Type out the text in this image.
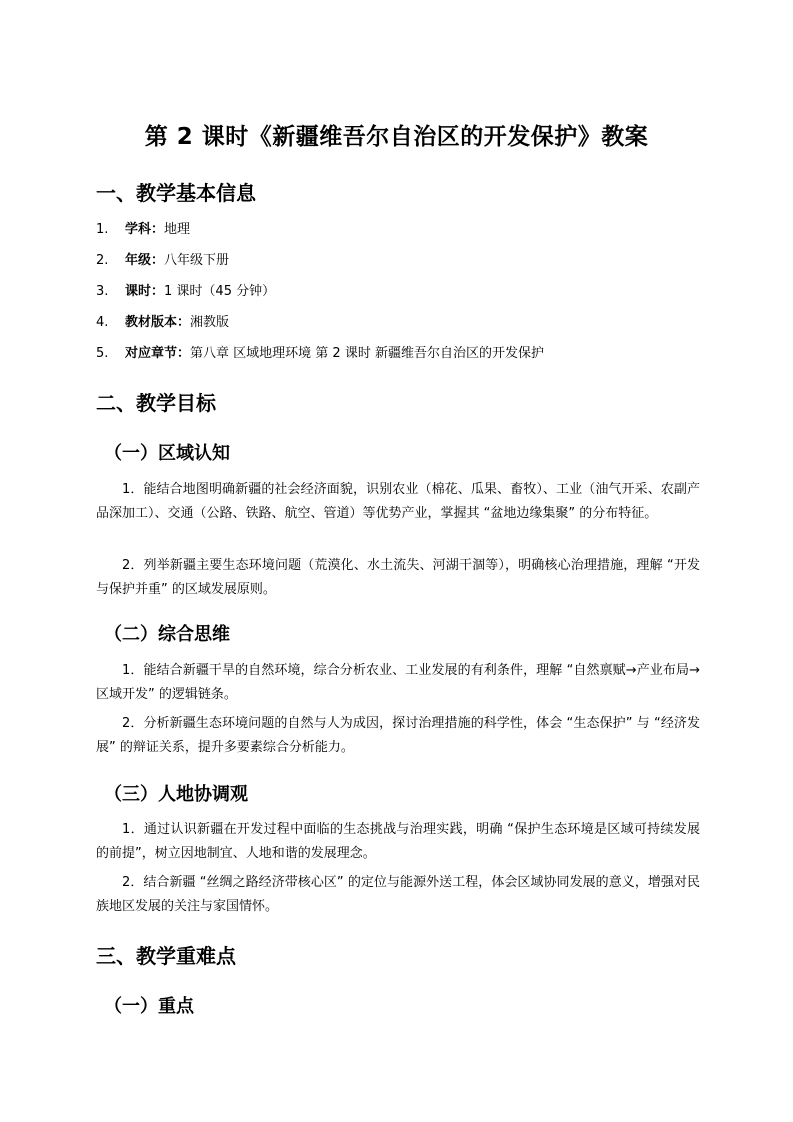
第 2 课时《新疆维吾尔自治区的开发保护》教案
一、教学基本信息
1. 学科：地理
2. 年级：八年级下册
3. 课时：1 课时（45 分钟）
4. 教材版本：湘教版
5. 对应章节：第八章 区域地理环境 第 2 课时 新疆维吾尔自治区的开发保护
二、教学目标
（一）区域认知
1．能结合地图明确新疆的社会经济面貌，识别农业（棉花、瓜果、畜牧）、工业（油气开采、农副产品深加工）、交通（公路、铁路、航空、管道）等优势产业，掌握其 “盆地边缘集聚” 的分布特征。
2．列举新疆主要生态环境问题（荒漠化、水土流失、河湖干涸等），明确核心治理措施，理解 “开发与保护并重” 的区域发展原则。
（二）综合思维
1．能结合新疆干旱的自然环境，综合分析农业、工业发展的有利条件，理解 “自然禀赋→产业布局→区域开发” 的逻辑链条。
2．分析新疆生态环境问题的自然与人为成因，探讨治理措施的科学性，体会 “生态保护” 与 “经济发展” 的辩证关系，提升多要素综合分析能力。
（三）人地协调观
1．通过认识新疆在开发过程中面临的生态挑战与治理实践，明确 “保护生态环境是区域可持续发展的前提”，树立因地制宜、人地和谐的发展理念。
2．结合新疆 “丝绸之路经济带核心区” 的定位与能源外送工程，体会区域协同发展的意义，增强对民族地区发展的关注与家国情怀。
三、教学重难点
（一）重点
